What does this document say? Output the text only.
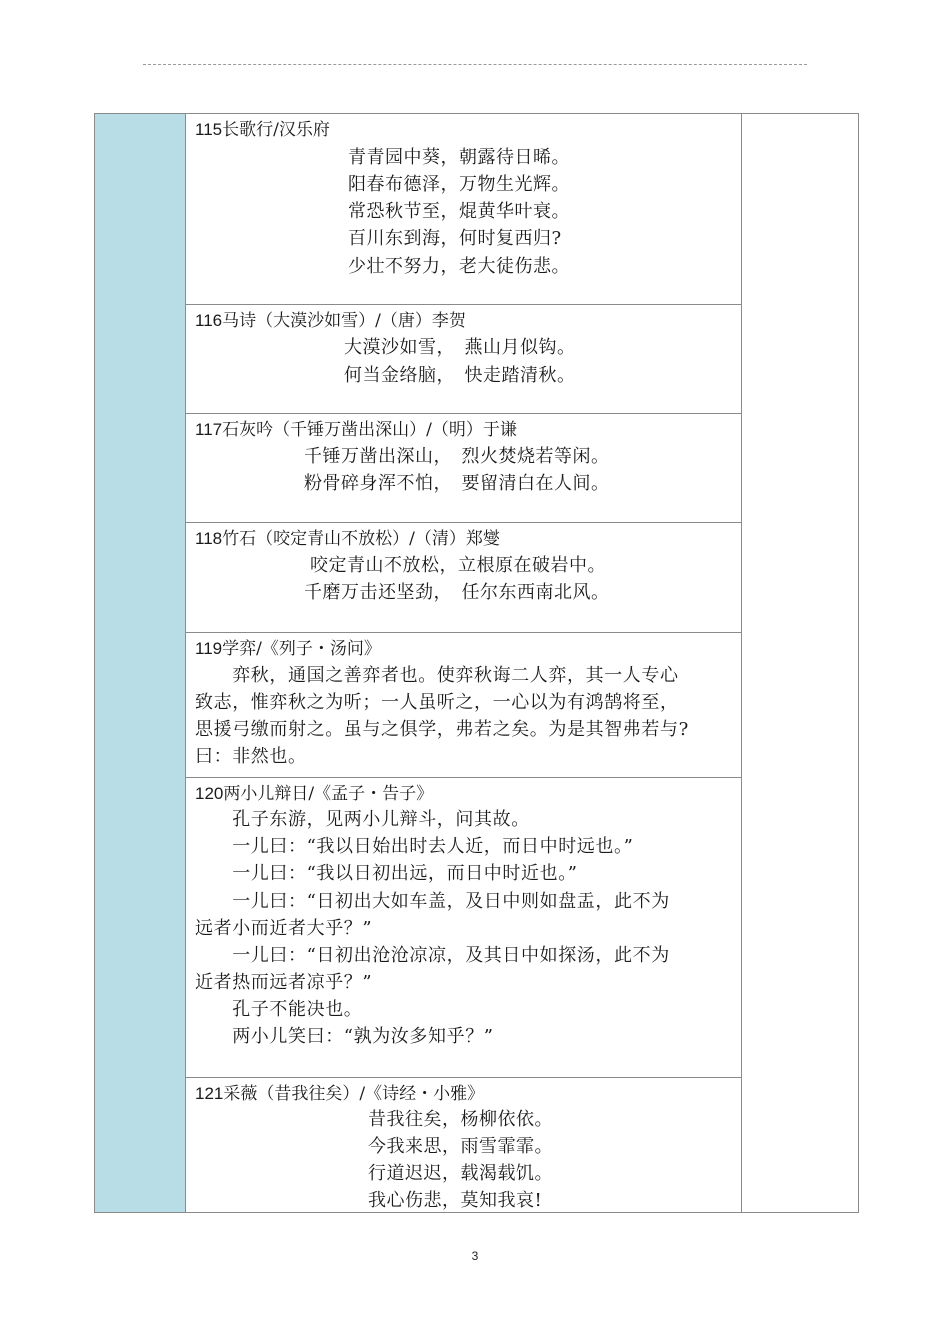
115长歌行/汉乐府
青青园中葵，朝露待日晞。
阳春布德泽，万物生光辉。
常恐秋节至，焜黄华叶衰。
百川东到海，何时复西归?
少壮不努力，老大徒伤悲。
116马诗（大漠沙如雪）/（唐）李贺
大漠沙如雪，　燕山月似钩。
何当金络脑，　快走踏清秋。
117石灰吟（千锤万凿出深山）/（明）于谦
千锤万凿出深山，　烈火焚烧若等闲。
粉骨碎身浑不怕，　要留清白在人间。
118竹石（咬定青山不放松）/（清）郑燮
咬定青山不放松，立根原在破岩中。
千磨万击还坚劲，　任尔东西南北风。
119学弈/《列子・汤问》
　　弈秋，通国之善弈者也。使弈秋诲二人弈，其一人专心
致志，惟弈秋之为听；一人虽听之，一心以为有鸿鹄将至，
思援弓缴而射之。虽与之俱学，弗若之矣。为是其智弗若与?
曰：非然也。
120两小儿辩日/《孟子・告子》
　　孔子东游，见两小儿辩斗，问其故。
　　一儿曰：“我以日始出时去人近，而日中时远也。”
　　一儿曰：“我以日初出远，而日中时近也。”
　　一儿曰：“日初出大如车盖，及日中则如盘盂，此不为
远者小而近者大乎？”
　　一儿曰：“日初出沧沧凉凉，及其日中如探汤，此不为
近者热而远者凉乎？”
　　孔子不能决也。
　　两小儿笑曰：“孰为汝多知乎？”
121采薇（昔我往矣）/《诗经・小雅》
昔我往矣，杨柳依依。
今我来思，雨雪霏霏。
行道迟迟，载渴载饥。
我心伤悲，莫知我哀!
3
